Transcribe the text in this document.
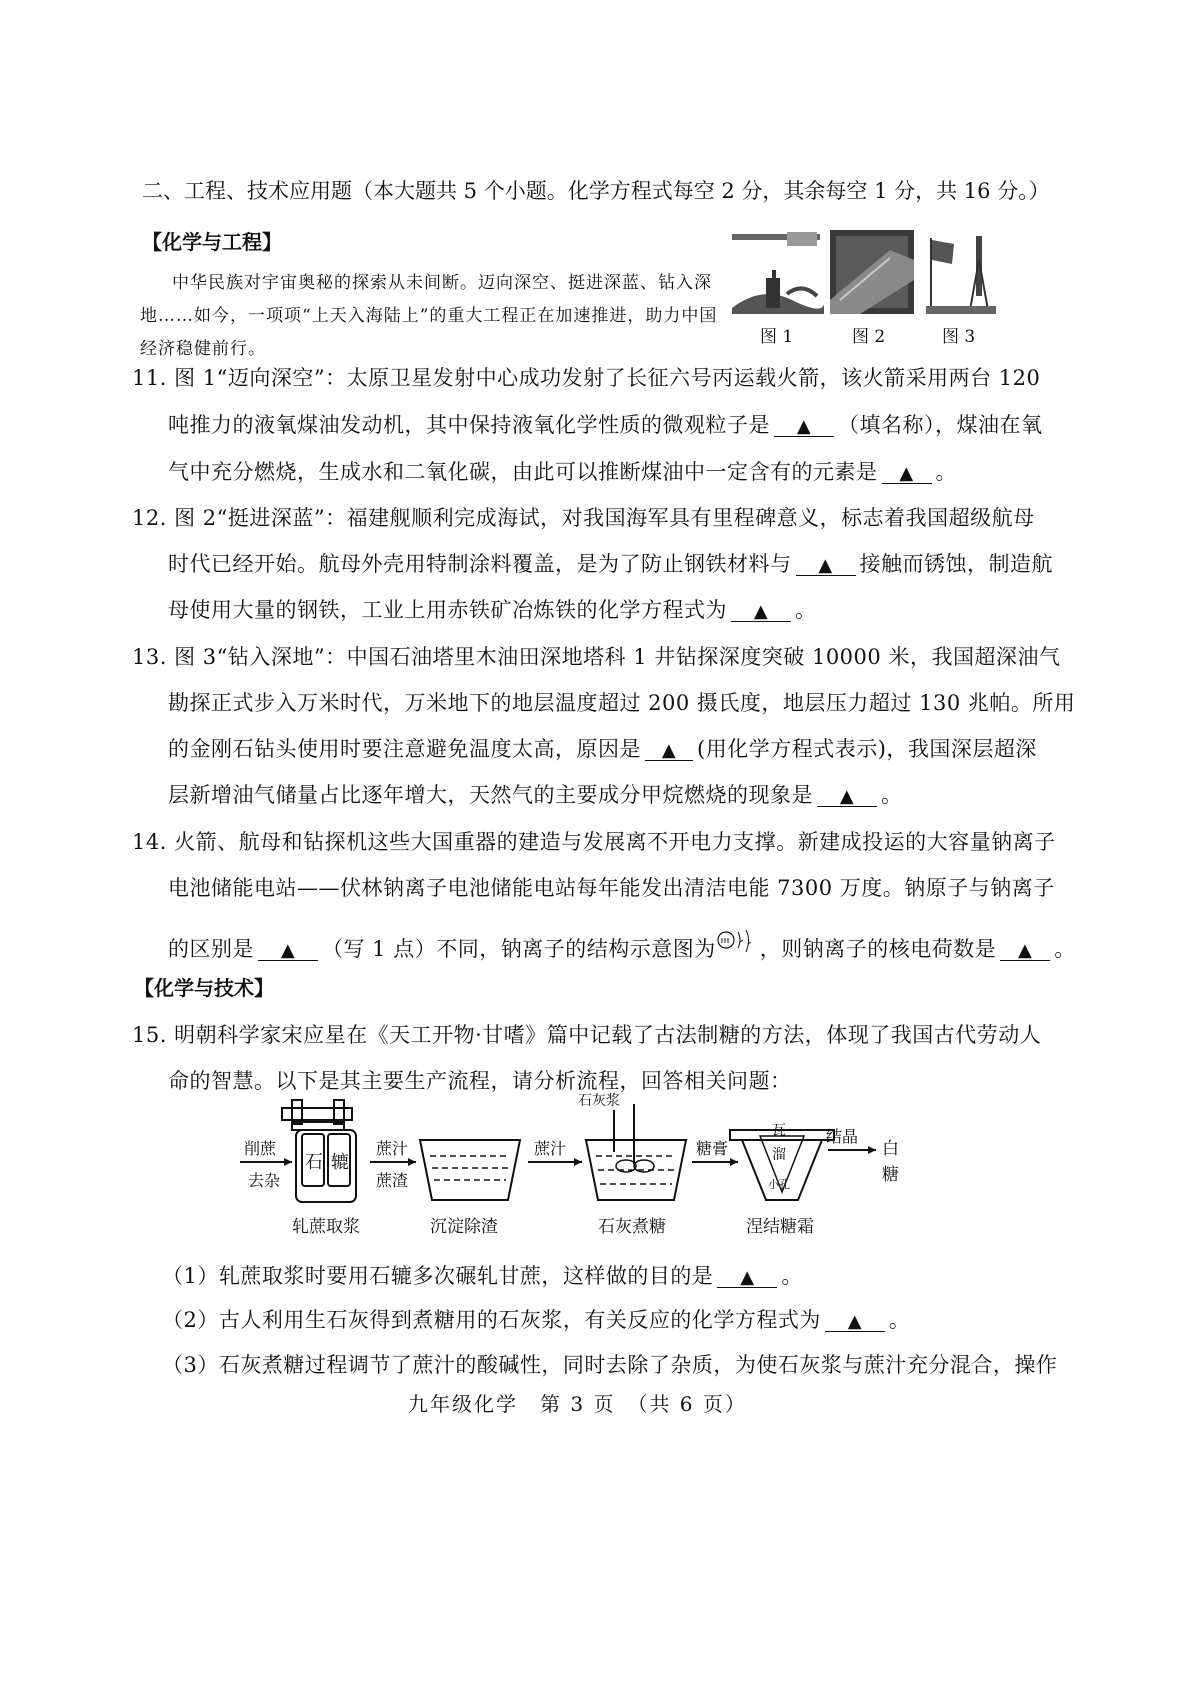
二、工程、技术应用题（本大题共 5 个小题。化学方程式每空 2 分，其余每空 1 分，共 16 分。）
【化学与工程】
中华民族对宇宙奥秘的探索从未间断。迈向深空、挺进深蓝、钻入深
地……如今，一项项“上天入海陆上”的重大工程正在加速推进，助力中国
经济稳健前行。
图 1	图 2	图 3
11. 图 1“迈向深空”：太原卫星发射中心成功发射了长征六号丙运载火箭，该火箭采用两台 120
吨推力的液氧煤油发动机，其中保持液氧化学性质的微观粒子是 ▲ （填名称），煤油在氧
气中充分燃烧，生成水和二氧化碳，由此可以推断煤油中一定含有的元素是 ▲ 。
12. 图 2“挺进深蓝”：福建舰顺利完成海试，对我国海军具有里程碑意义，标志着我国超级航母
时代已经开始。航母外壳用特制涂料覆盖，是为了防止钢铁材料与 ▲ 接触而锈蚀，制造航
母使用大量的钢铁，工业上用赤铁矿冶炼铁的化学方程式为 ▲ 。
13. 图 3“钻入深地”：中国石油塔里木油田深地塔科 1 井钻探深度突破 10000 米，我国超深油气
勘探正式步入万米时代，万米地下的地层温度超过 200 摄氏度，地层压力超过 130 兆帕。所用
的金刚石钻头使用时要注意避免温度太高，原因是 ▲ (用化学方程式表示)，我国深层超深
层新增油气储量占比逐年增大，天然气的主要成分甲烷燃烧的现象是 ▲ 。
14. 火箭、航母和钻探机这些大国重器的建造与发展离不开电力支撑。新建成投运的大容量钠离子
电池储能电站——伏林钠离子电池储能电站每年能发出清洁电能 7300 万度。钠原子与钠离子
的区别是 ▲ （写 1 点）不同，钠离子的结构示意图为 ，则钠离子的核电荷数是 ▲ 。
【化学与技术】
15. 明朝科学家宋应星在《天工开物·甘嗜》篇中记载了古法制糖的方法，体现了我国古代劳动人
命的智慧。以下是其主要生产流程，请分析流程，回答相关问题：
削蔗
去杂
石 辘
蔗汁
蔗渣
蔗汁
石灰浆
糖膏
瓦
溜
小孔
结晶
白
糖
轧蔗取浆	沉淀除渣	石灰煮糖	涅结糖霜
（1）轧蔗取浆时要用石辘多次碾轧甘蔗，这样做的目的是 ▲ 。
（2）古人利用生石灰得到煮糖用的石灰浆，有关反应的化学方程式为 ▲ 。
（3）石灰煮糖过程调节了蔗汁的酸碱性，同时去除了杂质，为使石灰浆与蔗汁充分混合，操作
九年级化学　第 3 页　（共 6 页）
